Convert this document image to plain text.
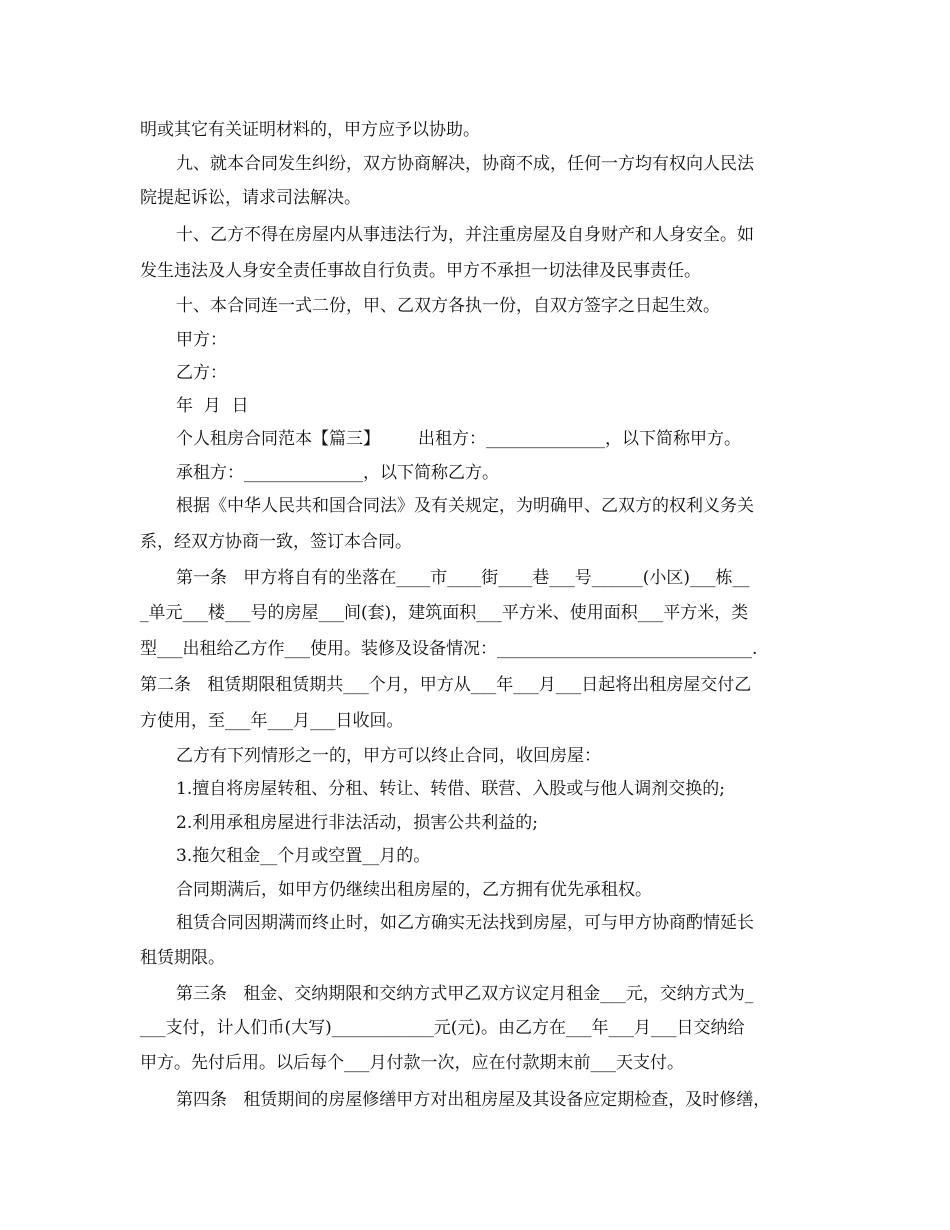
明或其它有关证明材料的，甲方应予以协助。
九、就本合同发生纠纷，双方协商解决，协商不成，任何一方均有权向人民法
院提起诉讼，请求司法解决。
十、乙方不得在房屋内从事违法行为，并注重房屋及自身财产和人身安全。如
发生违法及人身安全责任事故自行负责。甲方不承担一切法律及民事责任。
十、本合同连一式二份，甲、乙双方各执一份，自双方签字之日起生效。
甲方：
乙方：
年  月  日
个人租房合同范本【篇三】 出租方：______________，以下简称甲方。
承租方：______________，以下简称乙方。
根据《中华人民共和国合同法》及有关规定，为明确甲、乙双方的权利义务关
系，经双方协商一致，签订本合同。
第一条   甲方将自有的坐落在____市____街____巷___号______(小区)___栋__
_单元___楼___号的房屋___间(套)，建筑面积___平方米、使用面积___平方米，类
型___出租给乙方作___使用。装修及设备情况：______________________________.
第二条   租赁期限租赁期共___个月，甲方从___年___月___日起将出租房屋交付乙
方使用，至___年___月___日收回。
乙方有下列情形之一的，甲方可以终止合同，收回房屋：
1.擅自将房屋转租、分租、转让、转借、联营、入股或与他人调剂交换的;
2.利用承租房屋进行非法活动，损害公共利益的;
3.拖欠租金__个月或空置__月的。
合同期满后，如甲方仍继续出租房屋的，乙方拥有优先承租权。
租赁合同因期满而终止时，如乙方确实无法找到房屋，可与甲方协商酌情延长
租赁期限。
第三条   租金、交纳期限和交纳方式甲乙双方议定月租金___元，交纳方式为_
___支付，计人们币(大写)____________元(元)。由乙方在___年___月___日交纳给
甲方。先付后用。以后每个___月付款一次，应在付款期末前___天支付。
第四条   租赁期间的房屋修缮甲方对出租房屋及其设备应定期检查，及时修缮，
